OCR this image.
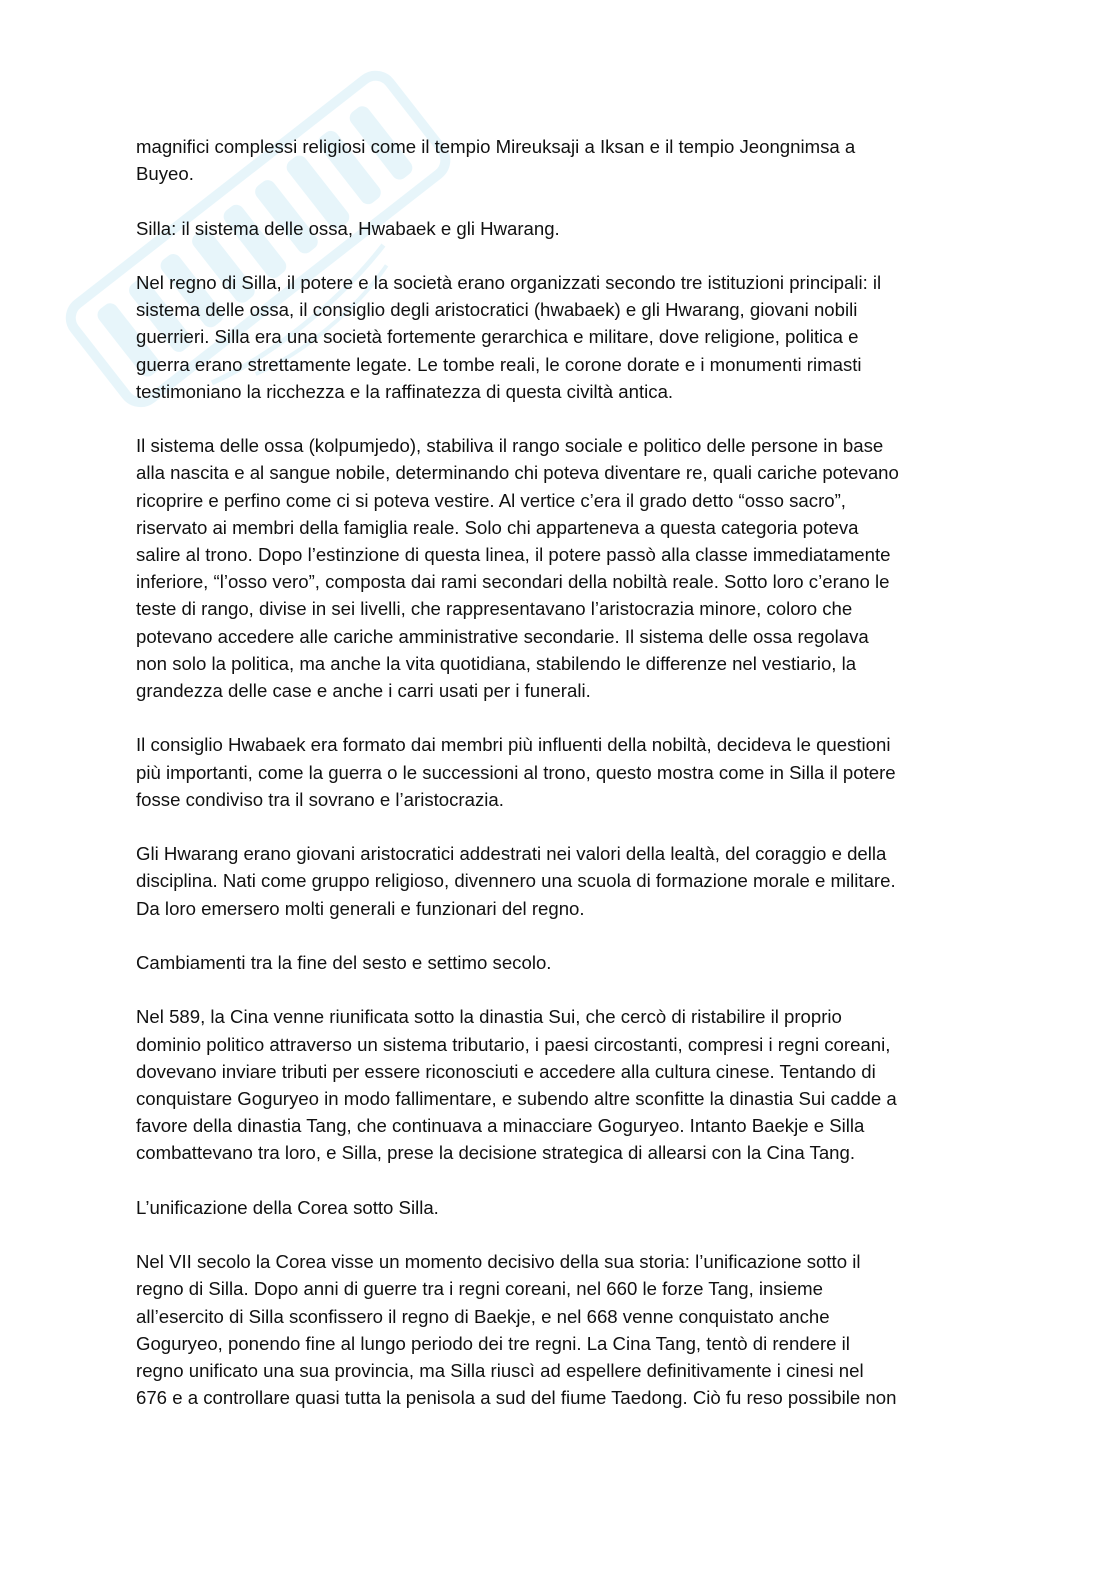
magnifici complessi religiosi come il tempio Mireuksaji a Iksan e il tempio Jeongnimsa a
Buyeo.

Silla: il sistema delle ossa, Hwabaek e gli Hwarang.

Nel regno di Silla, il potere e la società erano organizzati secondo tre istituzioni principali: il
sistema delle ossa, il consiglio degli aristocratici (hwabaek) e gli Hwarang, giovani nobili
guerrieri. Silla era una società fortemente gerarchica e militare, dove religione, politica e
guerra erano strettamente legate. Le tombe reali, le corone dorate e i monumenti rimasti
testimoniano la ricchezza e la raffinatezza di questa civiltà antica.

Il sistema delle ossa (kolpumjedo), stabiliva il rango sociale e politico delle persone in base
alla nascita e al sangue nobile, determinando chi poteva diventare re, quali cariche potevano
ricoprire e perfino come ci si poteva vestire. Al vertice c’era il grado detto “osso sacro”,
riservato ai membri della famiglia reale. Solo chi apparteneva a questa categoria poteva
salire al trono. Dopo l’estinzione di questa linea, il potere passò alla classe immediatamente
inferiore, “l’osso vero”, composta dai rami secondari della nobiltà reale. Sotto loro c’erano le
teste di rango, divise in sei livelli, che rappresentavano l’aristocrazia minore, coloro che
potevano accedere alle cariche amministrative secondarie. Il sistema delle ossa regolava
non solo la politica, ma anche la vita quotidiana, stabilendo le differenze nel vestiario, la
grandezza delle case e anche i carri usati per i funerali.

Il consiglio Hwabaek era formato dai membri più influenti della nobiltà, decideva le questioni
più importanti, come la guerra o le successioni al trono, questo mostra come in Silla il potere
fosse condiviso tra il sovrano e l’aristocrazia.

Gli Hwarang erano giovani aristocratici addestrati nei valori della lealtà, del coraggio e della
disciplina. Nati come gruppo religioso, divennero una scuola di formazione morale e militare.
Da loro emersero molti generali e funzionari del regno.

Cambiamenti tra la fine del sesto e settimo secolo.

Nel 589, la Cina venne riunificata sotto la dinastia Sui, che cercò di ristabilire il proprio
dominio politico attraverso un sistema tributario, i paesi circostanti, compresi i regni coreani,
dovevano inviare tributi per essere riconosciuti e accedere alla cultura cinese. Tentando di
conquistare Goguryeo in modo fallimentare, e subendo altre sconfitte la dinastia Sui cadde a
favore della dinastia Tang, che continuava a minacciare Goguryeo. Intanto Baekje e Silla
combattevano tra loro, e Silla, prese la decisione strategica di allearsi con la Cina Tang.

L’unificazione della Corea sotto Silla.

Nel VII secolo la Corea visse un momento decisivo della sua storia: l’unificazione sotto il
regno di Silla. Dopo anni di guerre tra i regni coreani, nel 660 le forze Tang, insieme
all’esercito di Silla sconfissero il regno di Baekje, e nel 668 venne conquistato anche
Goguryeo, ponendo fine al lungo periodo dei tre regni. La Cina Tang, tentò di rendere il
regno unificato una sua provincia, ma Silla riuscì ad espellere definitivamente i cinesi nel
676 e a controllare quasi tutta la penisola a sud del fiume Taedong. Ciò fu reso possibile non
